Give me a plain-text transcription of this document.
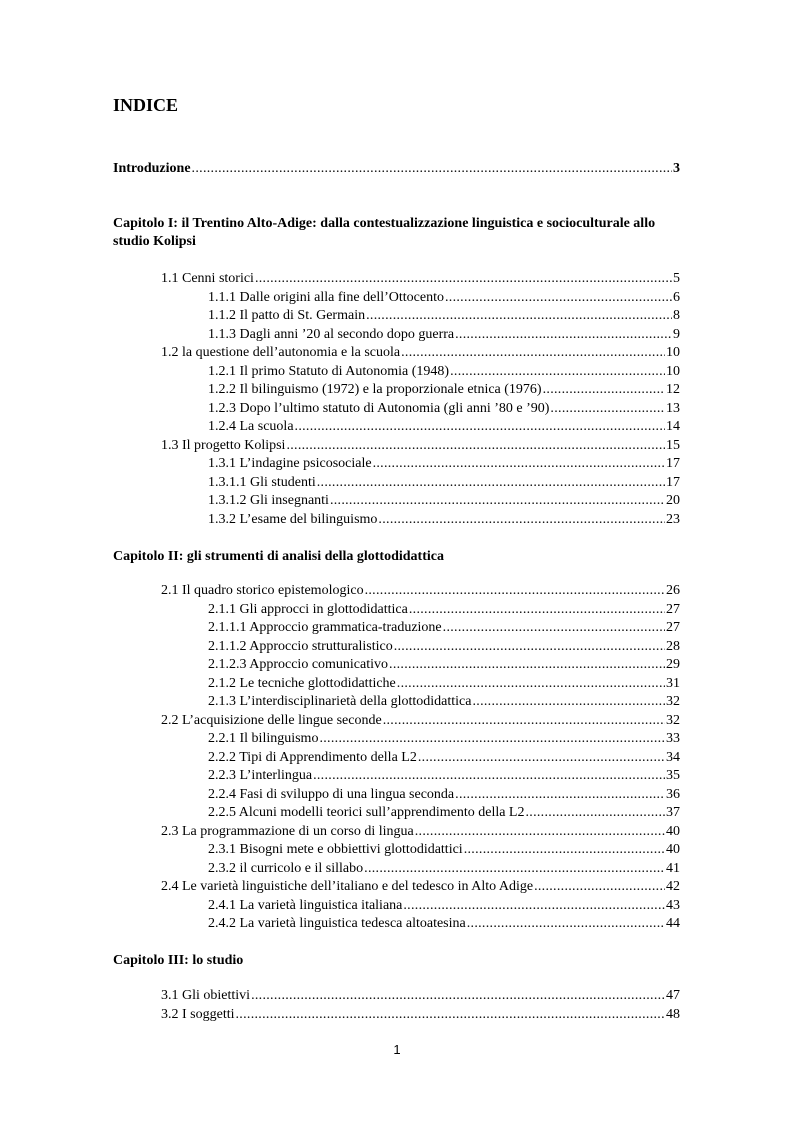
INDICE
Introduzione .....	3
Capitolo I: il Trentino Alto-Adige: dalla contestualizzazione linguistica e socioculturale allo studio Kolipsi
1.1 Cenni storici .....	5
1.1.1 Dalle origini alla fine dell’Ottocento .....	6
1.1.2 Il patto di St. Germain .....	8
1.1.3 Dagli anni ’20 al secondo dopo guerra .....	9
1.2 la questione dell’autonomia e la scuola .....	10
1.2.1 Il primo Statuto di Autonomia (1948) .....	10
1.2.2 Il bilinguismo (1972) e la proporzionale etnica (1976) .....	12
1.2.3 Dopo l’ultimo statuto di Autonomia (gli anni ’80 e ’90) .....	13
1.2.4 La scuola .....	14
1.3 Il progetto Kolipsi .....	15
1.3.1 L’indagine psicosociale .....	17
1.3.1.1 Gli studenti .....	17
1.3.1.2 Gli insegnanti .....	20
1.3.2 L’esame del bilinguismo .....	23
Capitolo II: gli strumenti di analisi della glottodidattica
2.1 Il quadro storico epistemologico .....	26
2.1.1 Gli approcci in glottodidattica .....	27
2.1.1.1 Approccio grammatica-traduzione .....	27
2.1.1.2 Approccio strutturalistico .....	28
2.1.2.3 Approccio comunicativo .....	29
2.1.2 Le tecniche glottodidattiche .....	31
2.1.3 L’interdisciplinarietà della glottodidattica .....	32
2.2 L’acquisizione delle lingue seconde .....	32
2.2.1 Il bilinguismo .....	33
2.2.2 Tipi di Apprendimento della L2 .....	34
2.2.3 L’interlingua .....	35
2.2.4 Fasi di sviluppo di una lingua seconda .....	36
2.2.5 Alcuni modelli teorici sull’apprendimento della L2 .....	37
2.3 La programmazione di un corso di lingua .....	40
2.3.1 Bisogni mete e obbiettivi glottodidattici .....	40
2.3.2 il curricolo e il sillabo .....	41
2.4 Le varietà linguistiche dell’italiano e del tedesco in Alto Adige .....	42
2.4.1 La varietà linguistica italiana .....	43
2.4.2 La varietà linguistica tedesca altoatesina .....	44
Capitolo III: lo studio
3.1 Gli obiettivi .....	47
3.2 I soggetti .....	48
1
